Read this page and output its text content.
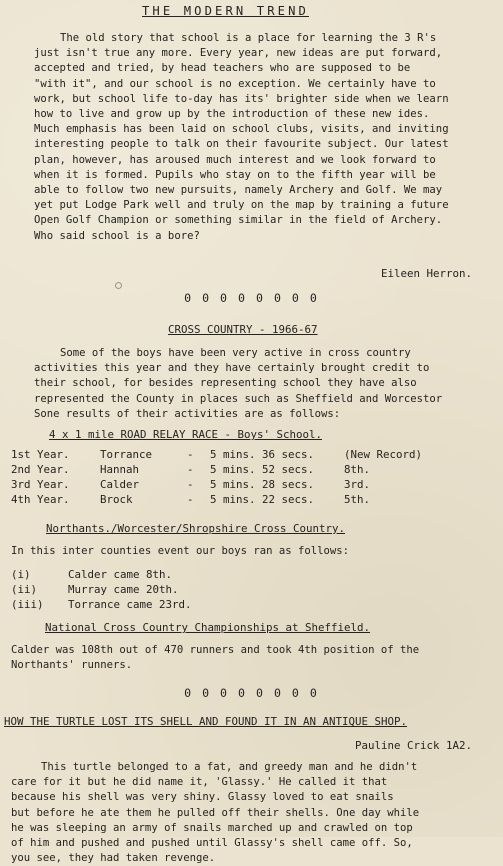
THE MODERN TREND
The old story that school is a place for learning the 3 R's
just isn't true any more. Every year, new ideas are put forward,
accepted and tried, by head teachers who are supposed to be
"with it", and our school is no exception. We certainly have to
work, but school life to-day has its' brighter side when we learn
how to live and grow up by the introduction of these new ides.
Much emphasis has been laid on school clubs, visits, and inviting
interesting people to talk on their favourite subject. Our latest
plan, however, has aroused much interest and we look forward to
when it is formed. Pupils who stay on to the fifth year will be
able to follow two new pursuits, namely Archery and Golf. We may
yet put Lodge Park well and truly on the map by training a future
Open Golf Champion or something similar in the field of Archery.
Who said school is a bore?
Eileen Herron.
0 0 0 0 0 0 0 0
CROSS COUNTRY - 1966-67
Some of the boys have been very active in cross country
activities this year and they have certainly brought credit to
their school, for besides representing school they have also
represented the County in places such as Sheffield and Worcestor
Sone results of their activities are as follows:
4 x 1 mile ROAD RELAY RACE - Boys' School.
1st Year.	Torrance	- 5 mins. 36 secs.	(New Record)
2nd Year.	Hannah	- 5 mins. 52 secs.	8th.
3rd Year.	Calder	- 5 mins. 28 secs.	3rd.
4th Year.	Brock	- 5 mins. 22 secs.	5th.
Northants./Worcester/Shropshire Cross Country.
In this inter counties event our boys ran as follows:
(i)	Calder came 8th.
(ii)	Murray came 20th.
(iii) Torrance came 23rd.
National Cross Country Championships at Sheffield.
Calder was 108th out of 470 runners and took 4th position of the
Northants' runners.
0 0 0 0 0 0 0 0
HOW THE TURTLE LOST ITS SHELL AND FOUND IT IN AN ANTIQUE SHOP.
Pauline Crick 1A2.
This turtle belonged to a fat, and greedy man and he didn't
care for it but he did name it, 'Glassy.' He called it that
because his shell was very shiny. Glassy loved to eat snails
but before he ate them he pulled off their shells. One day while
he was sleeping an army of snails marched up and crawled on top
of him and pushed and pushed until Glassy's shell came off. So,
you see, they had taken revenge.
